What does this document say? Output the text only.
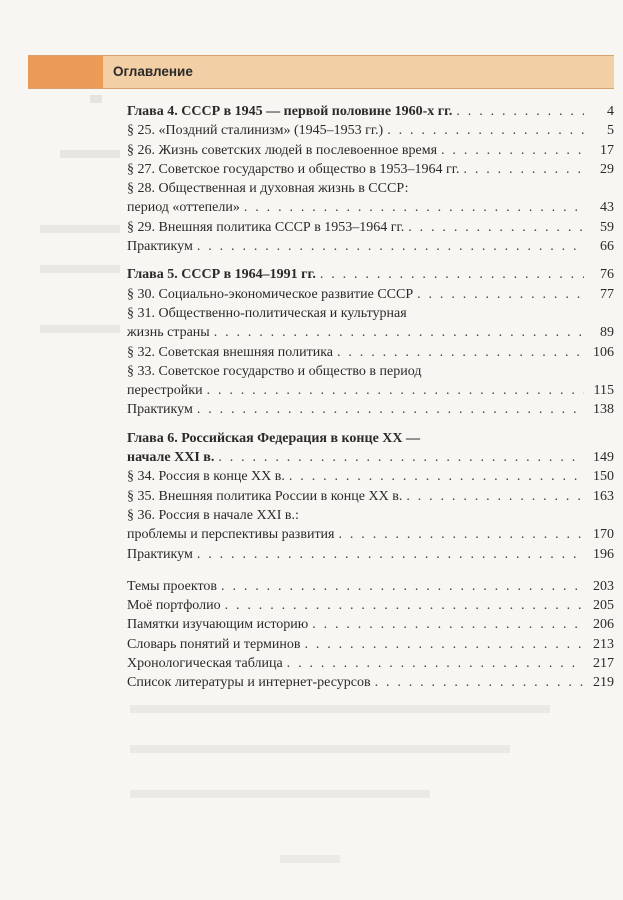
Оглавление
Глава 4. СССР в 1945 — первой половине 1960-х гг. . . .	4
§ 25. «Поздний сталинизм» (1945–1953 гг.) . . .	5
§ 26. Жизнь советских людей в послевоенное время . . .	17
§ 27. Советское государство и общество в 1953–1964 гг. . . .	29
§ 28. Общественная и духовная жизнь в СССР:
период «оттепели» . . .	43
§ 29. Внешняя политика СССР в 1953–1964 гг. . . .	59
Практикум . . .	66
Глава 5. СССР в 1964–1991 гг. . . .	76
§ 30. Социально-экономическое развитие СССР . . .	77
§ 31. Общественно-политическая и культурная
жизнь страны . . .	89
§ 32. Советская внешняя политика . . .	106
§ 33. Советское государство и общество в период
перестройки . . .	115
Практикум . . .	138
Глава 6. Российская Федерация в конце XX —
начале XXI в. . . .	149
§ 34. Россия в конце XX в. . . .	150
§ 35. Внешняя политика России в конце XX в. . . .	163
§ 36. Россия в начале XXI в.:
проблемы и перспективы развития . . .	170
Практикум . . .	196
Темы проектов . . .	203
Моё портфолио . . .	205
Памятки изучающим историю . . .	206
Словарь понятий и терминов . . .	213
Хронологическая таблица . . .	217
Список литературы и интернет-ресурсов . . .	219
